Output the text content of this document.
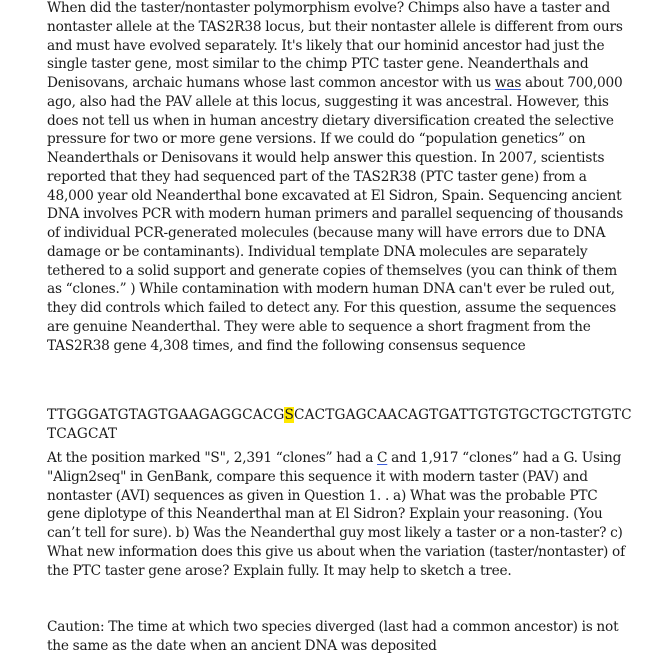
When did the taster/nontaster polymorphism evolve? Chimps also have a taster and nontaster allele at the TAS2R38 locus, but their nontaster allele is different from ours and must have evolved separately. It's likely that our hominid ancestor had just the single taster gene, most similar to the chimp PTC taster gene. Neanderthals and Denisovans, archaic humans whose last common ancestor with us was about 700,000 ago, also had the PAV allele at this locus, suggesting it was ancestral. However, this does not tell us when in human ancestry dietary diversification created the selective pressure for two or more gene versions. If we could do “population genetics” on Neanderthals or Denisovans it would help answer this question. In 2007, scientists reported that they had sequenced part of the TAS2R38 (PTC taster gene) from a 48,000 year old Neanderthal bone excavated at El Sidron, Spain. Sequencing ancient DNA involves PCR with modern human primers and parallel sequencing of thousands of individual PCR-generated molecules (because many will have errors due to DNA damage or be contaminants). Individual template DNA molecules are separately tethered to a solid support and generate copies of themselves (you can think of them as “clones.” ) While contamination with modern human DNA can't ever be ruled out, they did controls which failed to detect any. For this question, assume the sequences are genuine Neanderthal. They were able to sequence a short fragment from the TAS2R38 gene 4,308 times, and find the following consensus sequence

TTGGGATGTAGTGAAGAGGCACGSCACTGAGCAACAGTGATTGTGTGCTGCTGTGTCTCAGCAT

At the position marked "S", 2,391 “clones” had a C and 1,917 “clones” had a G. Using "Align2seq" in GenBank, compare this sequence it with modern taster (PAV) and nontaster (AVI) sequences as given in Question 1. . a) What was the probable PTC gene diplotype of this Neanderthal man at El Sidron? Explain your reasoning. (You can’t tell for sure). b) Was the Neanderthal guy most likely a taster or a non-taster? c) What new information does this give us about when the variation (taster/nontaster) of the PTC taster gene arose? Explain fully. It may help to sketch a tree.

Caution: The time at which two species diverged (last had a common ancestor) is not the same as the date when an ancient DNA was deposited
